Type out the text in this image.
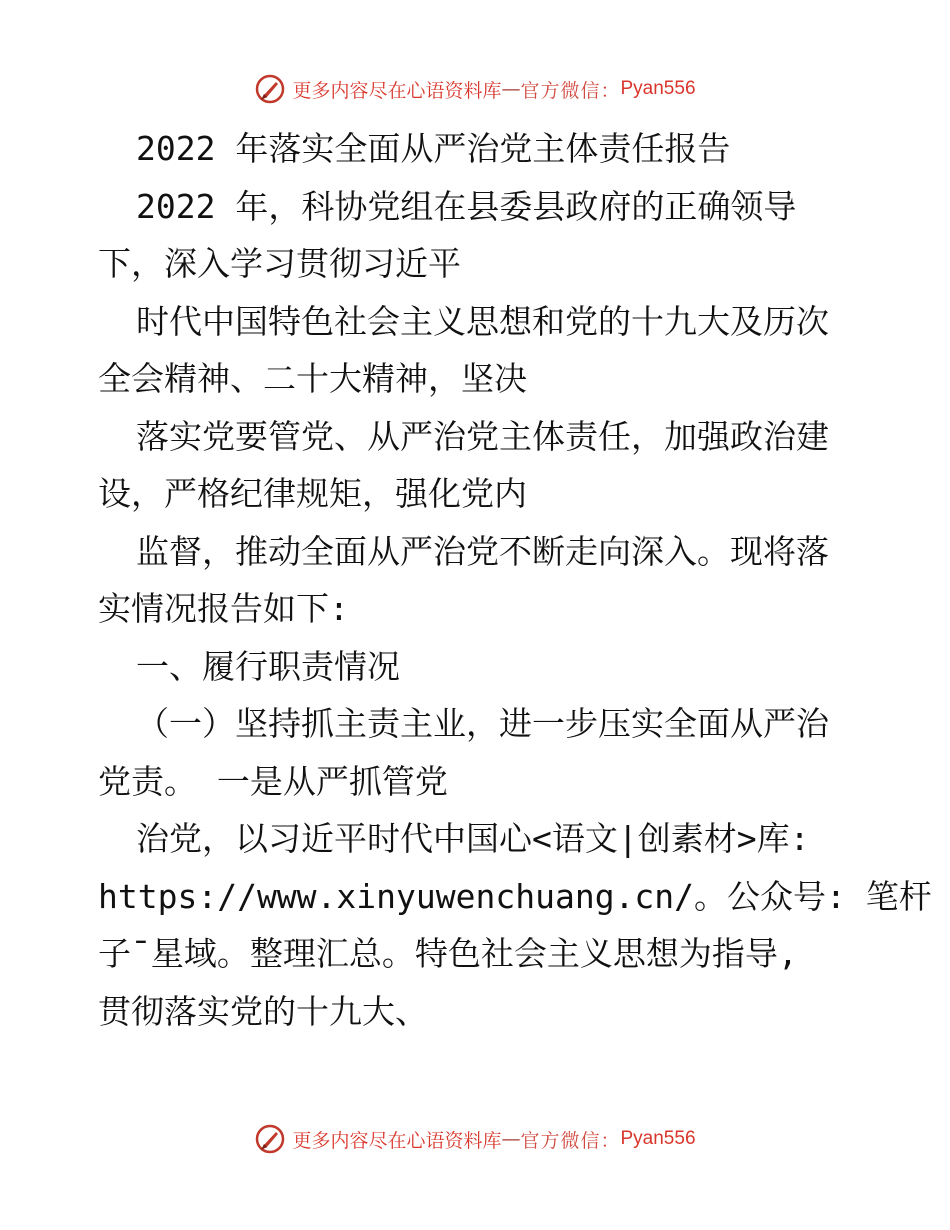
更多内容尽在心语资料库 — 官方微信： Pyan556

2022 年落实全面从严治党主体责任报告

2022 年，科协党组在县委县政府的正确领导

下，深入学习贯彻习近平

时代中国特色社会主义思想和党的十九大及历次

全会精神、二十大精神，坚决

落实党要管党、从严治党主体责任，加强政治建

设，严格纪律规矩，强化党内

监督，推动全面从严治党不断走向深入。现将落

实情况报告如下:

一、履行职责情况

（一）坚持抓主责主业，进一步压实全面从严治

党责。 一是从严抓管党

治党，以习近平时代中国心<语文|创素材>库:

https://www.xinyuwenchuang.cn/。公众号: 笔杆

子¯星域。整理汇总。特色社会主义思想为指导,

贯彻落实党的十九大、

更多内容尽在心语资料库 — 官方微信： Pyan556
